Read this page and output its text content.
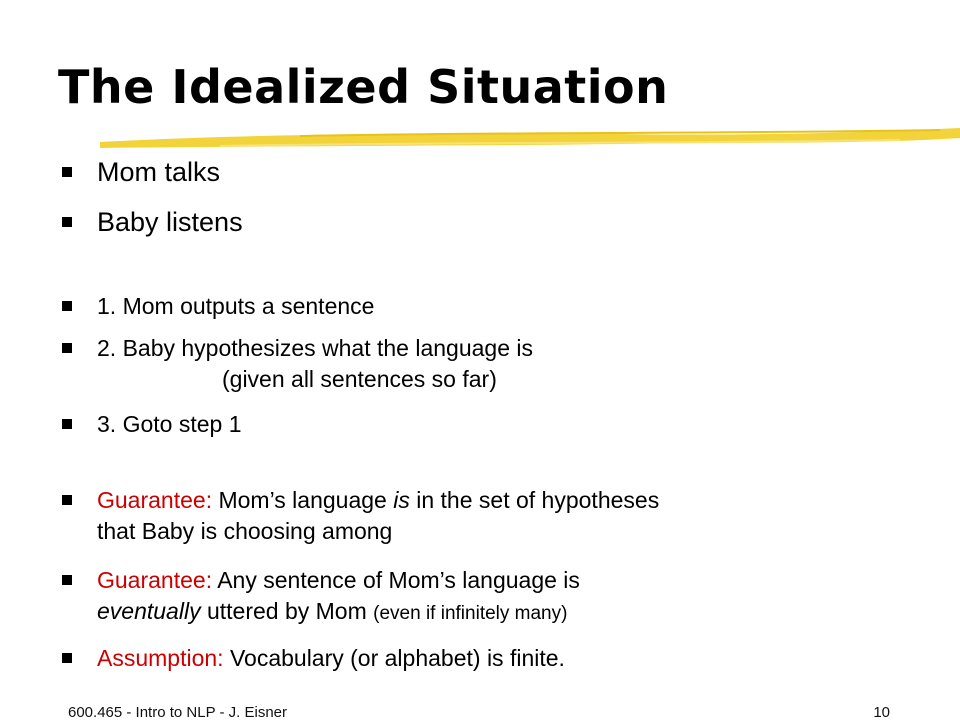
The Idealized Situation
Mom talks
Baby listens
1. Mom outputs a sentence
2. Baby hypothesizes what the language is
(given all sentences so far)
3. Goto step 1
Guarantee: Mom’s language is in the set of hypotheses
that Baby is choosing among
Guarantee: Any sentence of Mom’s language is
eventually uttered by Mom (even if infinitely many)
Assumption: Vocabulary (or alphabet) is finite.
600.465 - Intro to NLP - J. Eisner	10
